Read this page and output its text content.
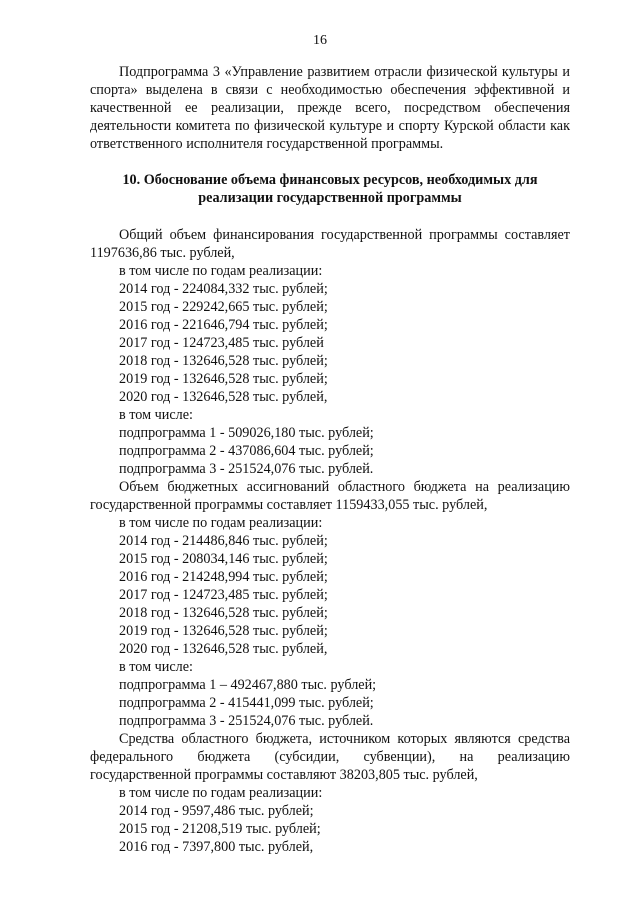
16

Подпрограмма 3 «Управление развитием отрасли физической культуры и спорта» выделена в связи с необходимостью обеспечения эффективной и качественной ее реализации, прежде всего, посредством обеспечения деятельности комитета по физической культуре и спорту Курской области как ответственного исполнителя государственной программы.

10. Обоснование объема финансовых ресурсов, необходимых для реализации государственной программы

Общий объем финансирования государственной программы составляет 1197636,86 тыс. рублей,

в том числе по годам реализации:

2014 год - 224084,332 тыс. рублей;

2015 год - 229242,665 тыс. рублей;

2016 год - 221646,794 тыс. рублей;

2017 год - 124723,485 тыс. рублей

2018 год - 132646,528 тыс. рублей;

2019 год - 132646,528 тыс. рублей;

2020 год - 132646,528 тыс. рублей,

в том числе:

подпрограмма 1 - 509026,180 тыс. рублей;

подпрограмма 2 - 437086,604 тыс. рублей;

подпрограмма 3 - 251524,076 тыс. рублей.

Объем бюджетных ассигнований областного бюджета на реализацию государственной программы составляет 1159433,055 тыс. рублей,

в том числе по годам реализации:

2014 год - 214486,846 тыс. рублей;

2015 год - 208034,146 тыс. рублей;

2016 год - 214248,994 тыс. рублей;

2017 год - 124723,485 тыс. рублей;

2018 год - 132646,528 тыс. рублей;

2019 год - 132646,528 тыс. рублей;

2020 год - 132646,528 тыс. рублей,

в том числе:

подпрограмма 1 – 492467,880 тыс. рублей;

подпрограмма 2 - 415441,099 тыс. рублей;

подпрограмма 3 - 251524,076 тыс. рублей.

Средства областного бюджета, источником которых являются средства федерального бюджета (субсидии, субвенции), на реализацию государственной программы составляют 38203,805 тыс. рублей,

в том числе по годам реализации:

2014 год - 9597,486 тыс. рублей;

2015 год - 21208,519 тыс. рублей;

2016 год - 7397,800 тыс. рублей,
